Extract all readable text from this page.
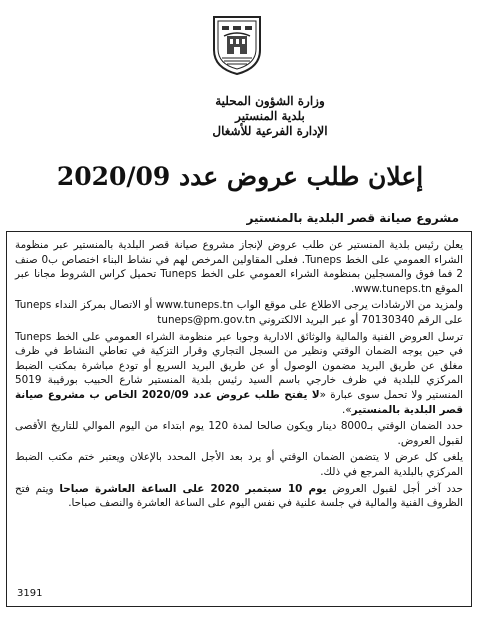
وزارة الشؤون المحلية
بلدية المنستير
الإدارة الفرعية للأشغال
إعلان طلب عروض عدد 2020/09
مشروع صيانة قصر البلدية بالمنستير

يعلن رئيس بلدية المنستير عن طلب عروض لإنجاز مشروع صيانة قصر البلدية بالمنستير عبر منظومة الشراء العمومي على الخط Tuneps. فعلى المقاولين المرخص لهم في نشاط البناء اختصاص ب0 صنف 2 فما فوق والمسجلين بمنظومة الشراء العمومي على الخط Tuneps تحميل كراس الشروط مجانا عبر الموقع www.tuneps.tn.

ولمزيد من الارشادات يرجى الاطلاع على موقع الواب www.tuneps.tn أو الاتصال بمركز النداء Tuneps على الرقم 70130340 أو عبر البريد الالكتروني tuneps@pm.gov.tn

ترسل العروض الفنية والمالية والوثائق الادارية وجوبا عبر منظومة الشراء العمومي على الخط Tuneps في حين يوجه الضمان الوقتي ونظير من السجل التجاري وقرار التزكية في تعاطي النشاط في ظرف مغلق عن طريق البريد مضمون الوصول أو عن طريق البريد السريع أو تودع مباشرة بمكتب الضبط المركزي للبلدية في ظرف خارجي باسم السيد رئيس بلدية المنستير شارع الحبيب بورقيبة 5019 المنستير ولا تحمل سوى عبارة «لا يفتح طلب عروض عدد 2020/09 الخاص ب مشروع صيانة قصر البلدية بالمنستير».

حدد الضمان الوقتي بـ8000 دينار ويكون صالحا لمدة 120 يوم ابتداء من اليوم الموالي للتاريخ الأقصى لقبول العروض.

يلغى كل عرض لا يتضمن الضمان الوقتي أو يرد بعد الأجل المحدد بالإعلان ويعتبر ختم مكتب الضبط المركزي بالبلدية المرجع في ذلك.

حدد آخر أجل لقبول العروض يوم 10 سبتمبر 2020 على الساعة العاشرة صباحا ويتم فتح الظروف الفنية والمالية في جلسة علنية في نفس اليوم على الساعة العاشرة والنصف صباحا.

3191
